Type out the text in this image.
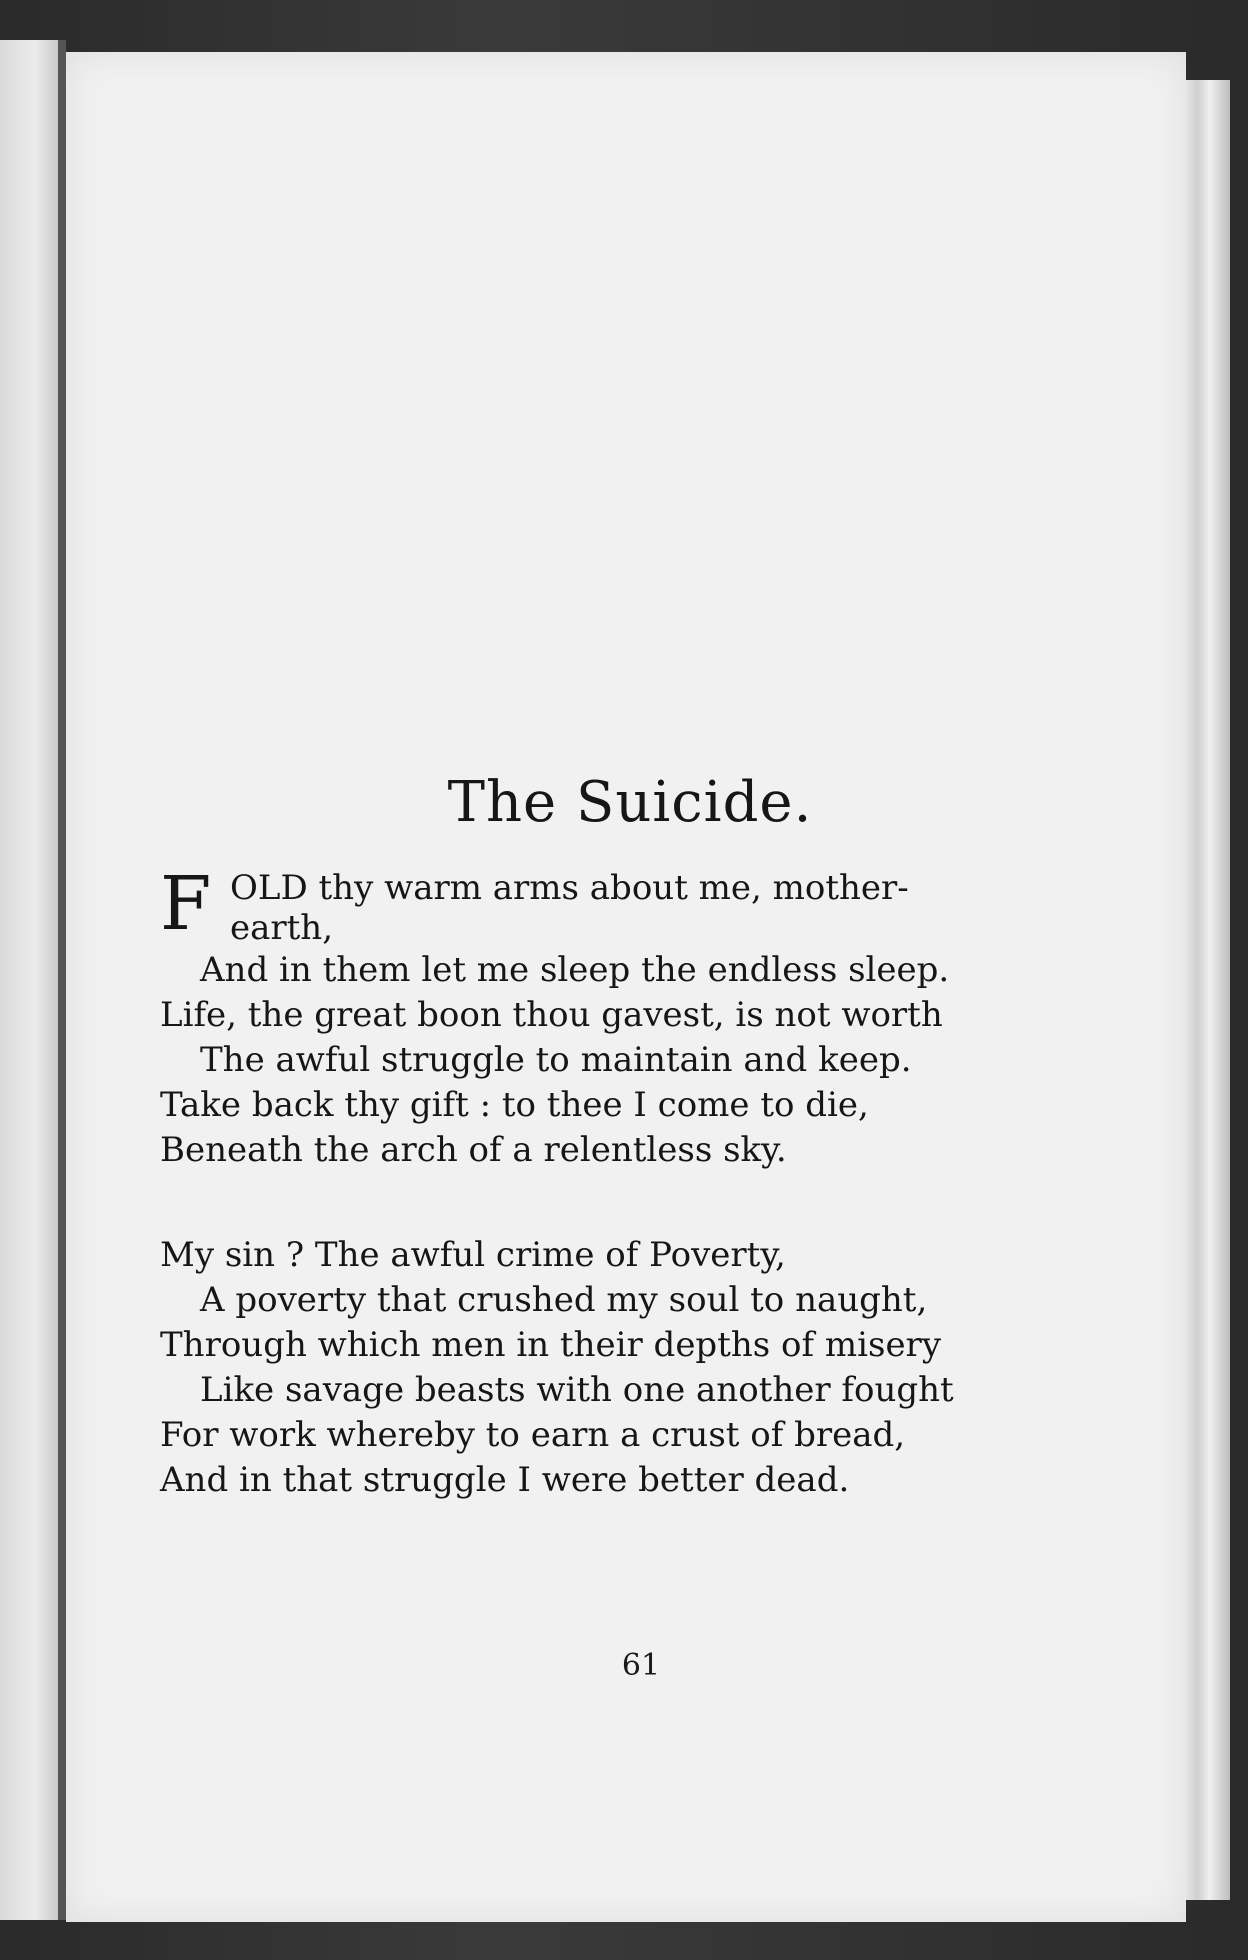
The Suicide.
F OLD thy warm arms about me, mother-
earth,
And in them let me sleep the endless sleep.
Life, the great boon thou gavest, is not worth
The awful struggle to maintain and keep.
Take back thy gift : to thee I come to die,
Beneath the arch of a relentless sky.
My sin ? The awful crime of Poverty,
A poverty that crushed my soul to naught,
Through which men in their depths of misery
Like savage beasts with one another fought
For work whereby to earn a crust of bread,
And in that struggle I were better dead.
61
